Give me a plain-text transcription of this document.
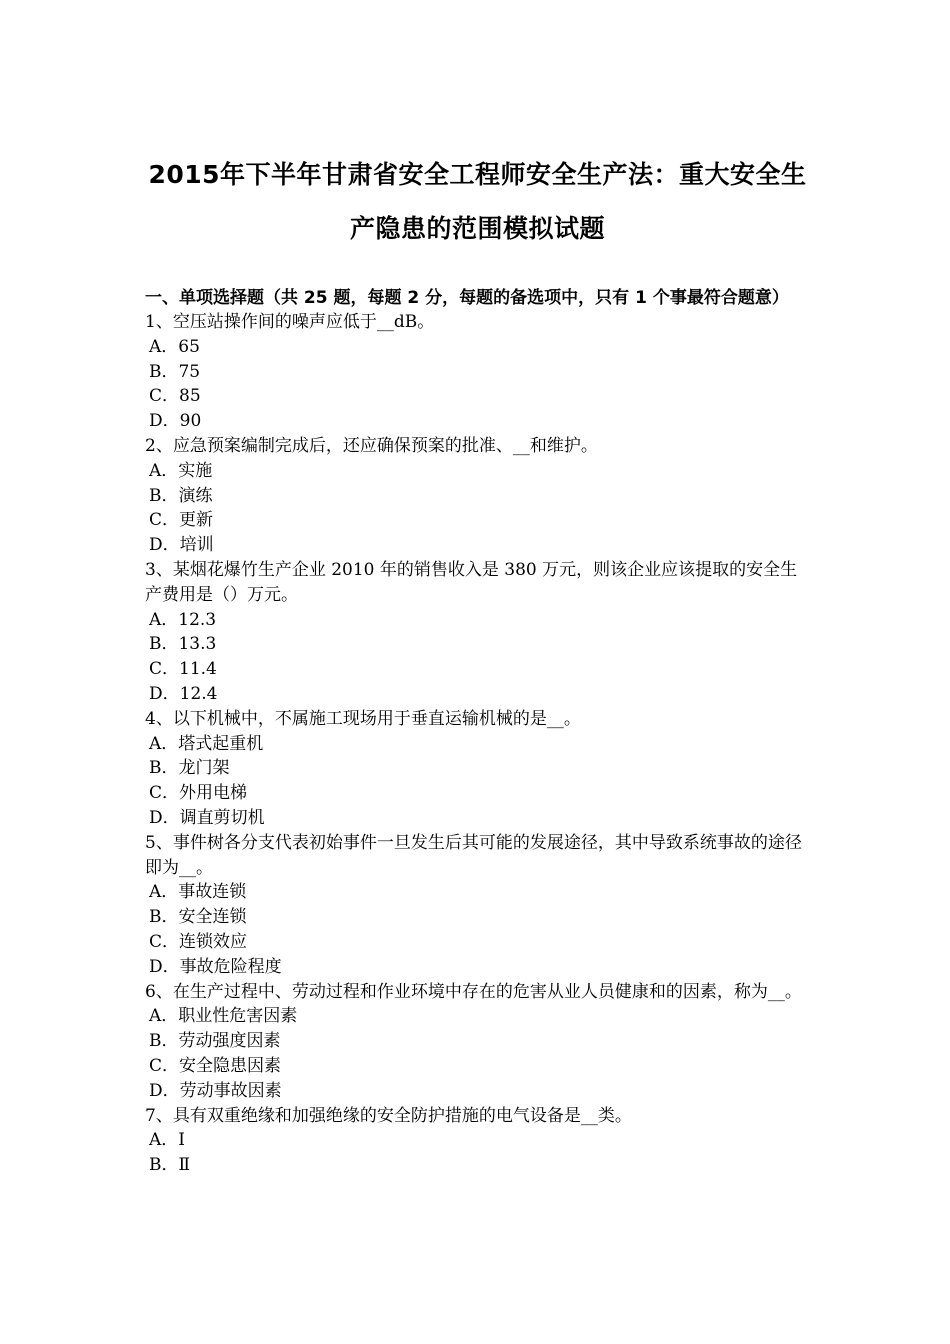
2015年下半年甘肃省安全工程师安全生产法：重大安全生
产隐患的范围模拟试题
一、单项选择题（共 25 题，每题 2 分，每题的备选项中，只有 1 个事最符合题意）

1、空压站操作间的噪声应低于__dB。

A．65

B．75

C．85

D．90

2、应急预案编制完成后，还应确保预案的批准、__和维护。

A．实施

B．演练

C．更新

D．培训

3、某烟花爆竹生产企业 2010 年的销售收入是 380 万元，则该企业应该提取的安全生产费用是（）万元。

A．12.3

B．13.3

C．11.4

D．12.4

4、以下机械中，不属施工现场用于垂直运输机械的是__。

A．塔式起重机

B．龙门架

C．外用电梯

D．调直剪切机

5、事件树各分支代表初始事件一旦发生后其可能的发展途径，其中导致系统事故的途径即为__。

A．事故连锁

B．安全连锁

C．连锁效应

D．事故危险程度

6、在生产过程中、劳动过程和作业环境中存在的危害从业人员健康和的因素，称为__。

A．职业性危害因素

B．劳动强度因素

C．安全隐患因素

D．劳动事故因素

7、具有双重绝缘和加强绝缘的安全防护措施的电气设备是__类。

A．Ⅰ

B．Ⅱ
